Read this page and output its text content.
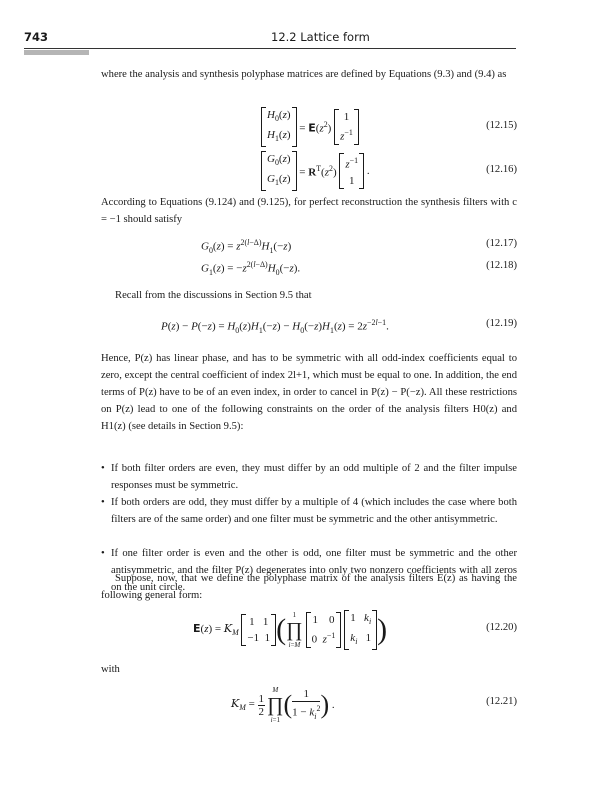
743	12.2 Lattice form
where the analysis and synthesis polyphase matrices are defined by Equations (9.3) and (9.4) as
$H_0(z)$
$H_1(z)$
= $E(z^2)$
1
$z^{-1}$
(12.15)
$G_0(z)$
$G_1(z)$
= $R^T(z^2)$
$z^{-1}$
1
.	(12.16)
According to Equations (9.124) and (9.125), for perfect reconstruction the synthesis filters with c = −1 should satisfy
$G_0(z) = z^{2(l-\Delta)}H_1(-z)$	(12.17)
$G_1(z) = -z^{2(l-\Delta)}H_0(-z)$.	(12.18)
Recall from the discussions in Section 9.5 that
$P(z) - P(-z) = H_0(z)H_1(-z) - H_0(-z)H_1(z) = 2z^{-2l-1}$.	(12.19)
Hence, P(z) has linear phase, and has to be symmetric with all odd-index coefficients equal to zero, except the central coefficient of index 2l+1, which must be equal to one. In addition, the end terms of P(z) have to be of an even index, in order to cancel in P(z) − P(−z). All these restrictions on P(z) lead to one of the following constraints on the order of the analysis filters H0(z) and H1(z) (see details in Section 9.5):
• If both filter orders are even, they must differ by an odd multiple of 2 and the filter impulse responses must be symmetric.
• If both orders are odd, they must differ by a multiple of 4 (which includes the case where both filters are of the same order) and one filter must be symmetric and the other antisymmetric.
• If one filter order is even and the other is odd, one filter must be symmetric and the other antisymmetric, and the filter P(z) degenerates into only two nonzero coefficients with all zeros on the unit circle.
Suppose, now, that we define the polyphase matrix of the analysis filters E(z) as having the following general form:
$E(z) = K_M$
1   1
−1  1 ( 1
∏
i=M
1    0
0  $z^{-1}$
1   $k_i$
$k_i$   1 )	(12.20)
with
$K_M = \frac{1}{2}$
M
∏
i=1
(	1
$1 - k_i^2$ ) .	(12.21)
